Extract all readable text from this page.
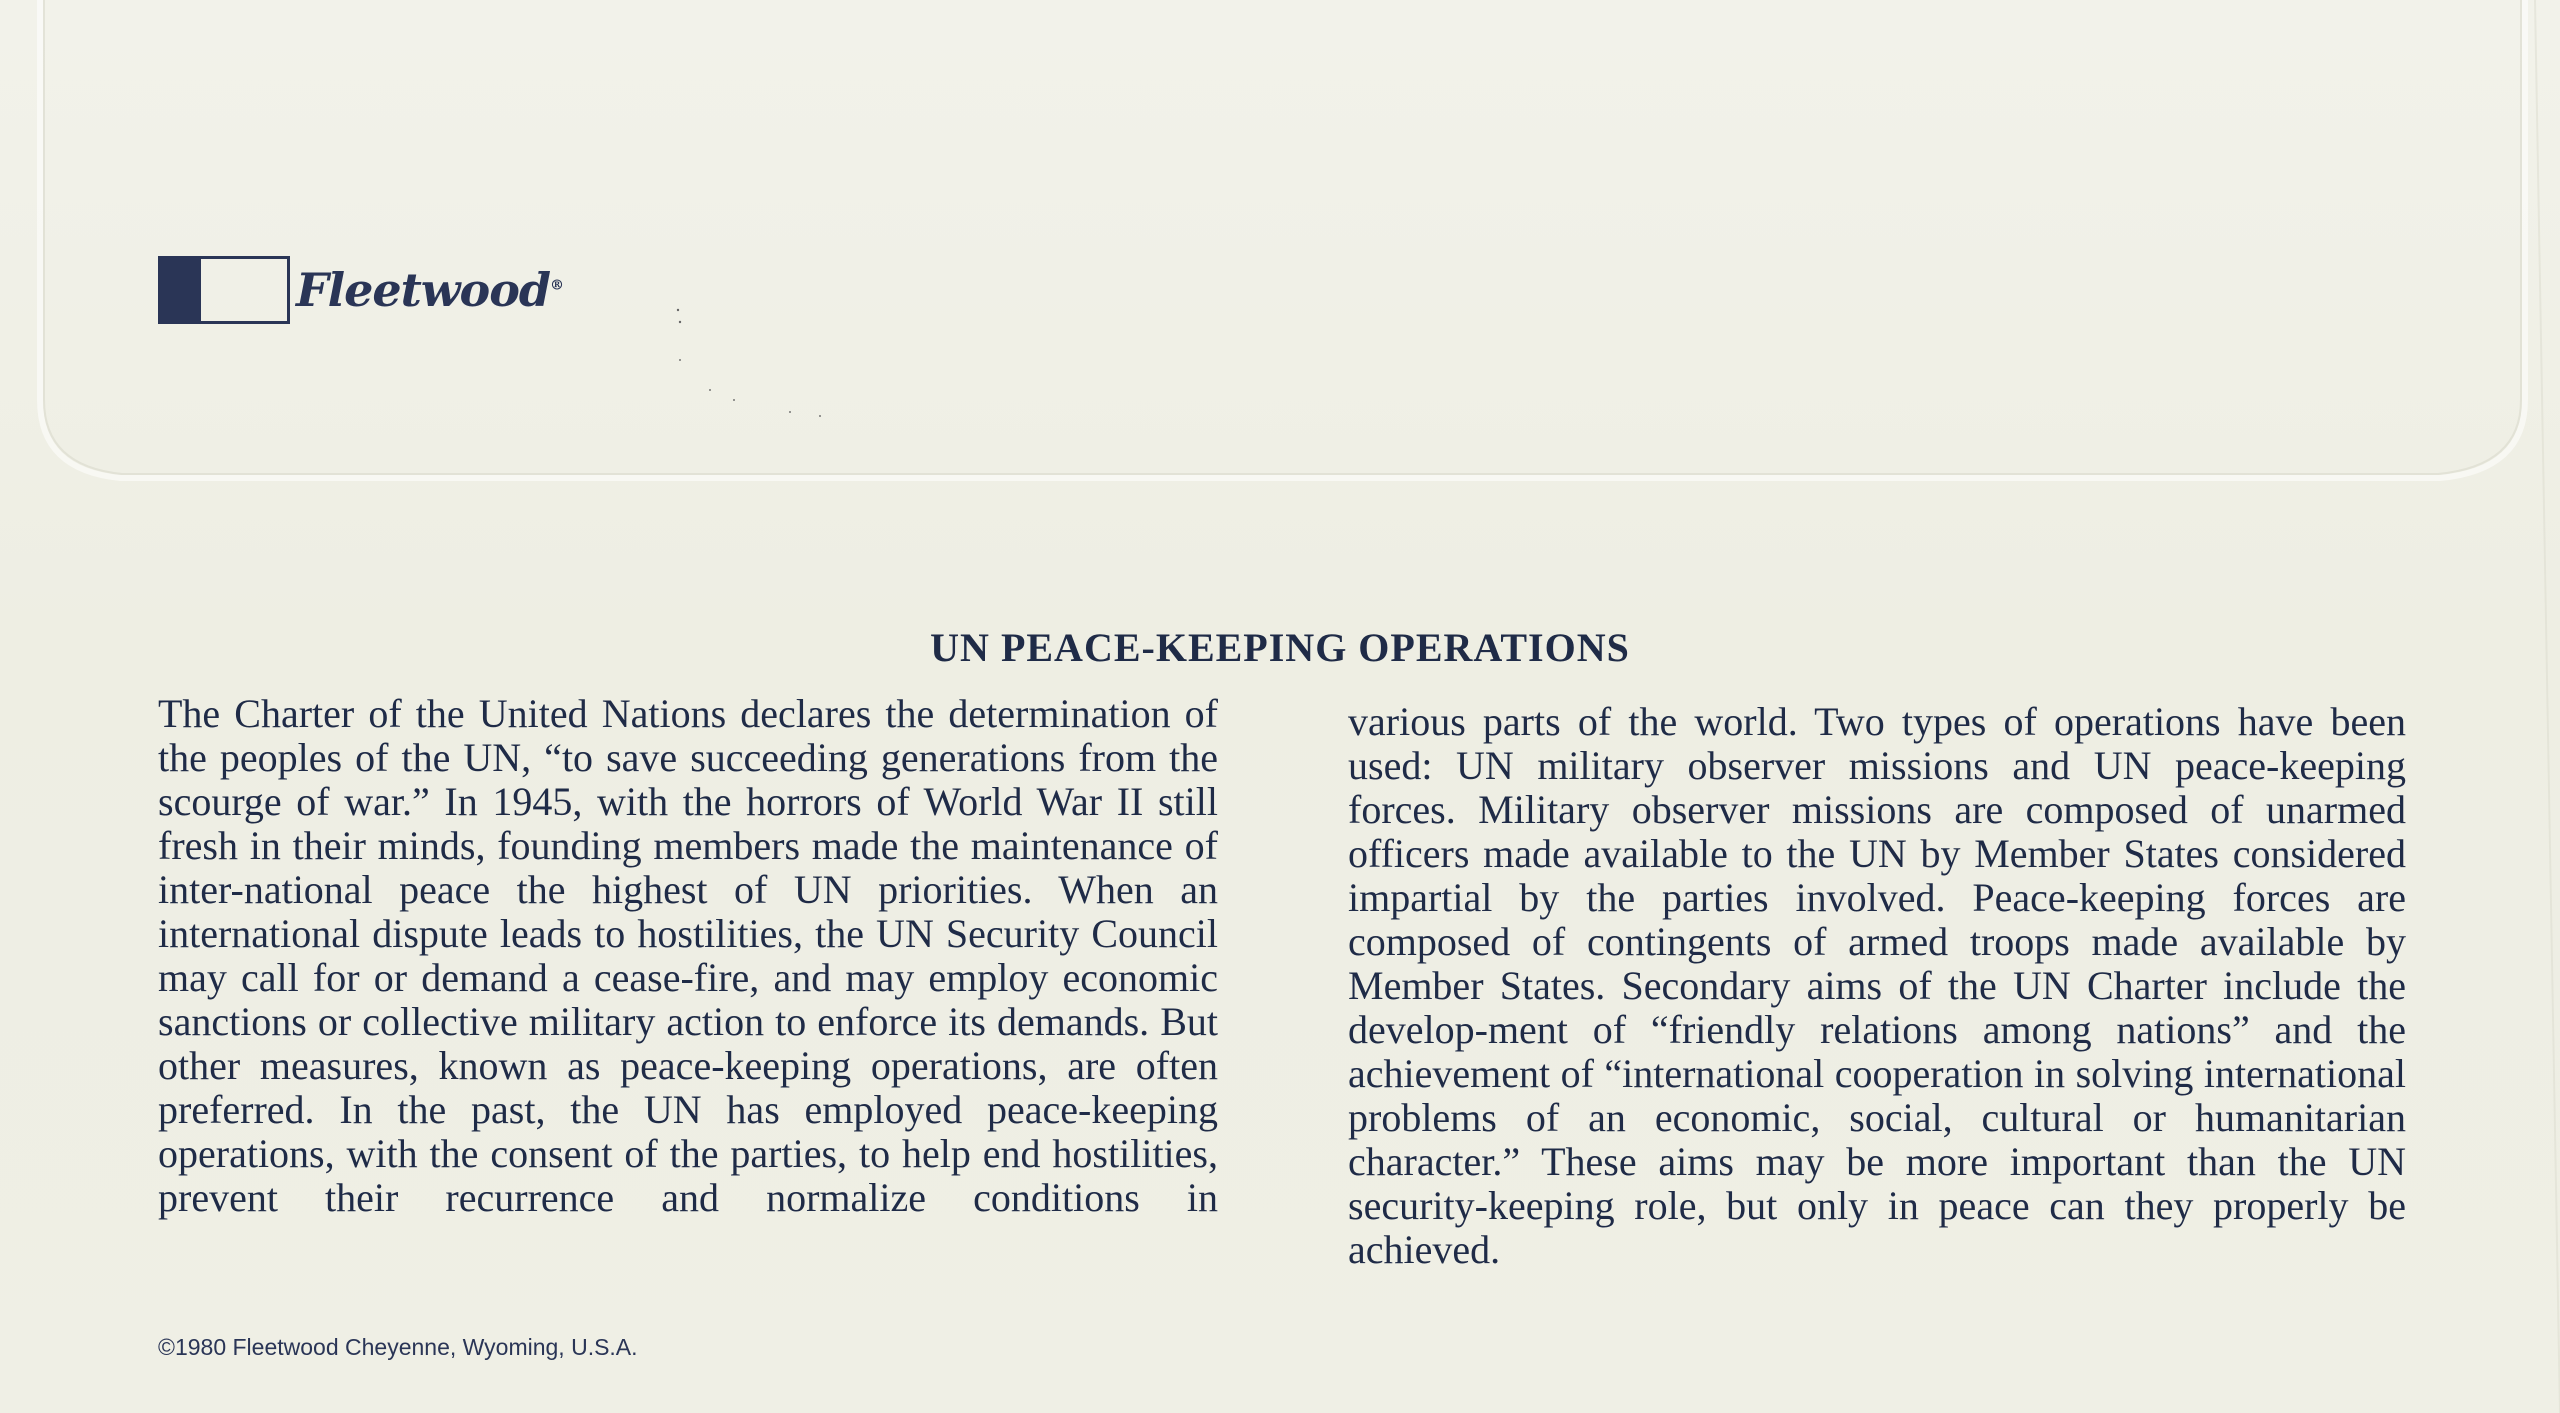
Fleetwood®
UN PEACE-KEEPING OPERATIONS

The Charter of the United Nations declares the determination of the peoples of the UN, “to save succeeding generations from the scourge of war.” In 1945, with the horrors of World War II still fresh in their minds, founding members made the maintenance of inter-national peace the highest of UN priorities. When an international dispute leads to hostilities, the UN Security Council may call for or demand a cease-fire, and may employ economic sanctions or collective military action to enforce its demands. But other measures, known as peace-keeping operations, are often preferred. In the past, the UN has employed peace-keeping operations, with the consent of the parties, to help end hostilities, prevent their recurrence and normalize conditions in

various parts of the world. Two types of operations have been used: UN military observer missions and UN peace-keeping forces. Military observer missions are composed of unarmed officers made available to the UN by Member States considered impartial by the parties involved. Peace-keeping forces are composed of contingents of armed troops made available by Member States. Secondary aims of the UN Charter include the develop-ment of “friendly relations among nations” and the achievement of “international cooperation in solving international problems of an economic, social, cultural or humanitarian character.” These aims may be more important than the UN security-keeping role, but only in peace can they properly be achieved.

©1980 Fleetwood Cheyenne, Wyoming, U.S.A.
